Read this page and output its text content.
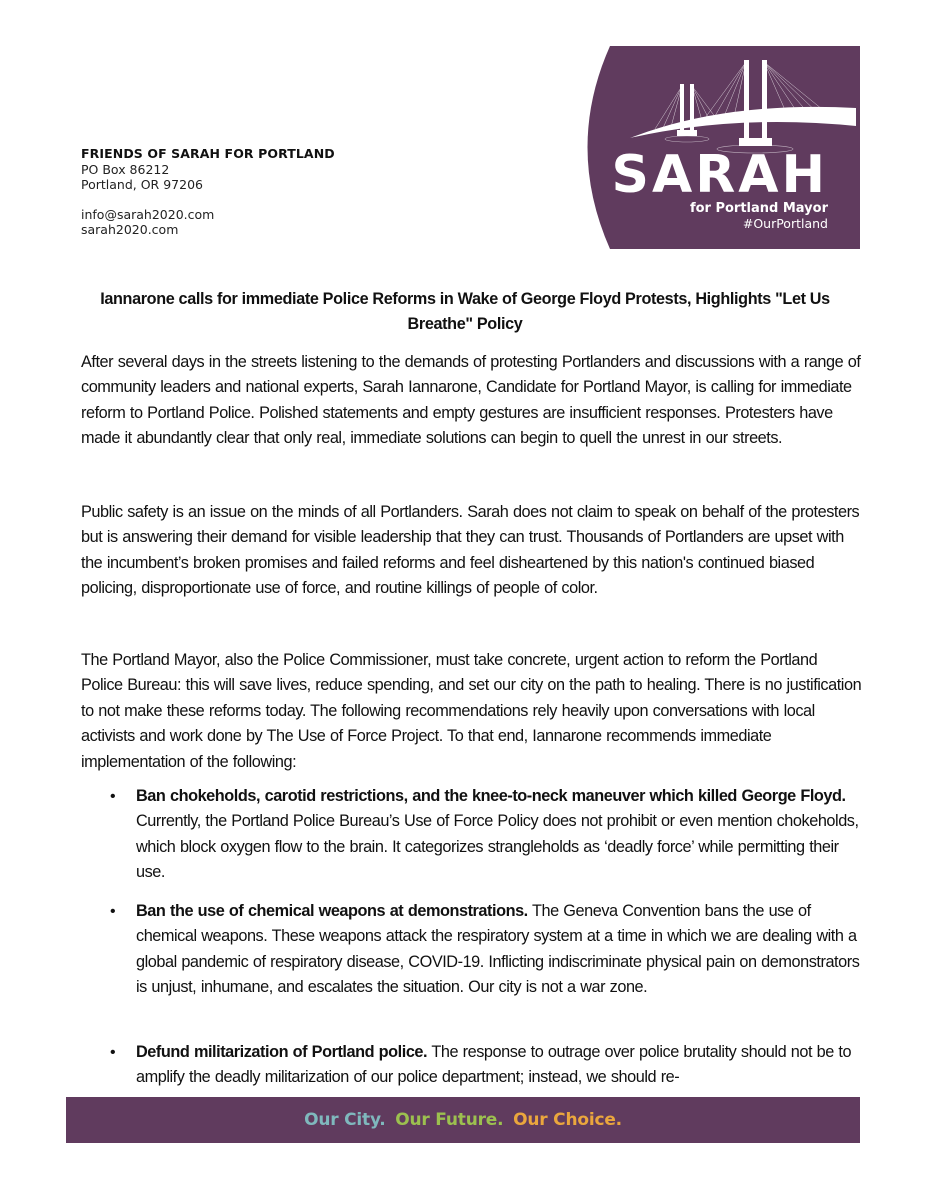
FRIENDS OF SARAH FOR PORTLAND
PO Box 86212
Portland, OR 97206
info@sarah2020.com
sarah2020.com
SARAH
for Portland Mayor
#OurPortland
Iannarone calls for immediate Police Reforms in Wake of George Floyd Protests, Highlights "Let Us Breathe" Policy

After several days in the streets listening to the demands of protesting Portlanders and discussions with a range of community leaders and national experts, Sarah Iannarone, Candidate for Portland Mayor, is calling for immediate reform to Portland Police. Polished statements and empty gestures are insufficient responses. Protesters have made it abundantly clear that only real, immediate solutions can begin to quell the unrest in our streets.

Public safety is an issue on the minds of all Portlanders. Sarah does not claim to speak on behalf of the protesters but is answering their demand for visible leadership that they can trust. Thousands of Portlanders are upset with the incumbent’s broken promises and failed reforms and feel disheartened by this nation's continued biased policing, disproportionate use of force, and routine killings of people of color.

The Portland Mayor, also the Police Commissioner, must take concrete, urgent action to reform the Portland Police Bureau: this will save lives, reduce spending, and set our city on the path to healing. There is no justification to not make these reforms today. The following recommendations rely heavily upon conversations with local activists and work done by The Use of Force Project. To that end, Iannarone recommends immediate implementation of the following:

• Ban chokeholds, carotid restrictions, and the knee-to-neck maneuver which killed George Floyd. Currently, the Portland Police Bureau’s Use of Force Policy does not prohibit or even mention chokeholds, which block oxygen flow to the brain. It categorizes strangleholds as ‘deadly force’ while permitting their use.
• Ban the use of chemical weapons at demonstrations. The Geneva Convention bans the use of chemical weapons. These weapons attack the respiratory system at a time in which we are dealing with a global pandemic of respiratory disease, COVID-19. Inflicting indiscriminate physical pain on demonstrators is unjust, inhumane, and escalates the situation. Our city is not a war zone.
• Defund militarization of Portland police. The response to outrage over police brutality should not be to amplify the deadly militarization of our police department; instead, we should re-
Our City. Our Future. Our Choice.
